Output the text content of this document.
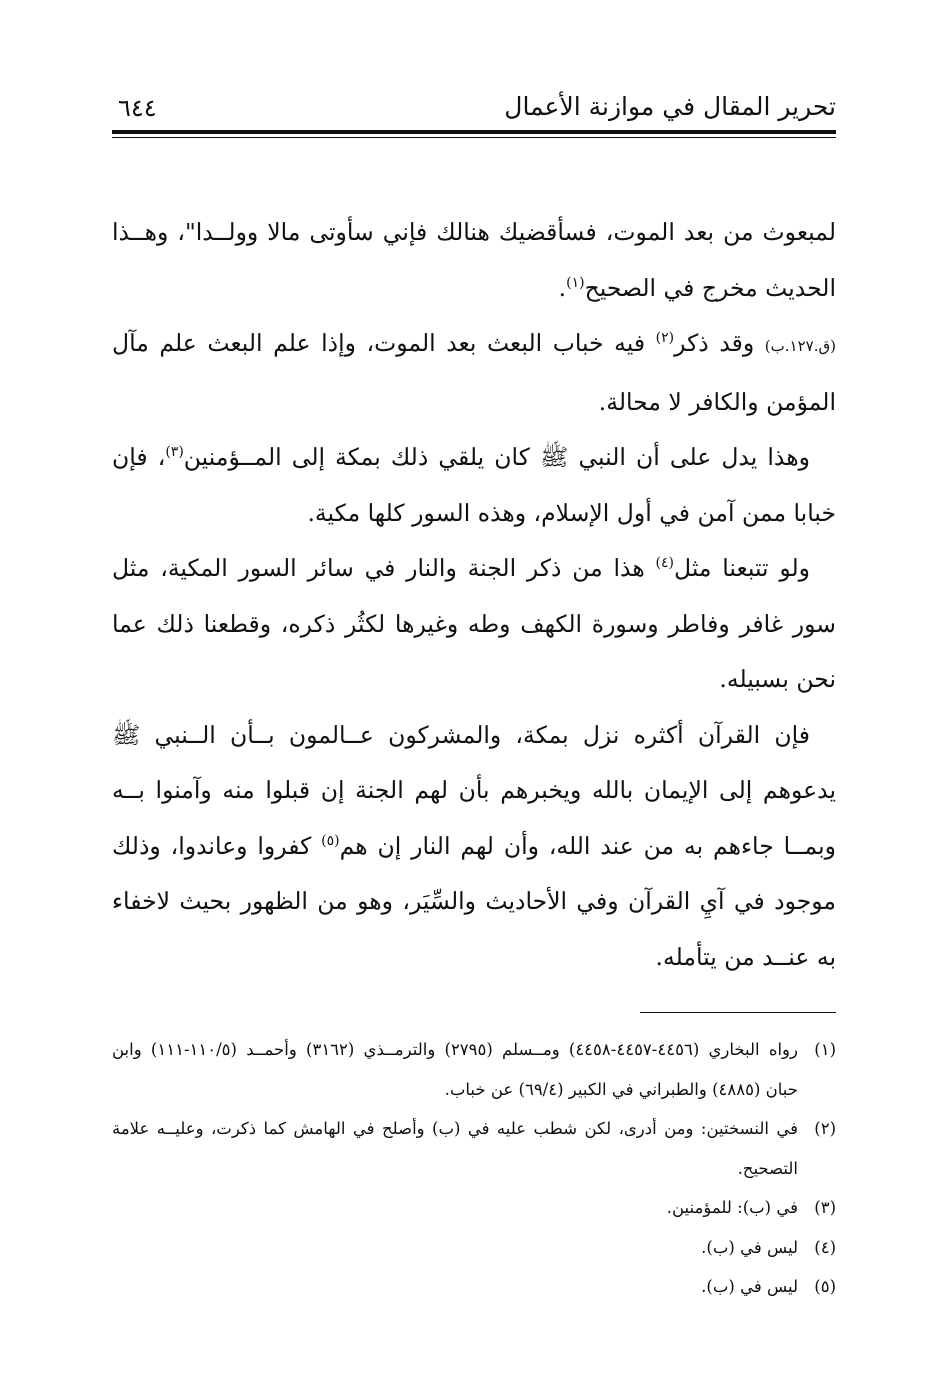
تحرير المقال في موازنة الأعمال
٦٤٤

لمبعوث من بعد الموت، فسأقضيك هنالك فإني سأوتى مالا وولــدا"، وهــذا الحديث مخرج في الصحيح$^{(١)}$.

(ق.١٢٧.ب) وقد ذكر$^{(٢)}$ فيه خباب البعث بعد الموت، وإذا علم البعث علم مآل المؤمن والكافر لا محالة.

وهذا يدل على أن النبي ﷺ كان يلقي ذلك بمكة إلى المــؤمنين$^{(٣)}$، فإن خبابا ممن آمن في أول الإسلام، وهذه السور كلها مكية.

ولو تتبعنا مثل$^{(٤)}$ هذا من ذكر الجنة والنار في سائر السور المكية، مثل سور غافر وفاطر وسورة الكهف وطه وغيرها لكثُر ذكره، وقطعنا ذلك عما نحن بسبيله.

فإن القرآن أكثره نزل بمكة، والمشركون عــالمون بــأن الــنبي ﷺ يدعوهم إلى الإيمان بالله ويخبرهم بأن لهم الجنة إن قبلوا منه وآمنوا بــه وبمــا جاءهم به من عند الله، وأن لهم النار إن هم$^{(٥)}$ كفروا وعاندوا، وذلك موجود في آيِ القرآن وفي الأحاديث والسِّيَر، وهو من الظهور بحيث لاخفاء به عنــد من يتأمله.

(١)
رواه البخاري (٤٤٥٦-٤٤٥٧-٤٤٥٨) ومــسلم (٢٧٩٥) والترمــذي (٣١٦٢) وأحمــد (١١٠/٥-١١١) وابن حبان (٤٨٨٥) والطبراني في الكبير (٦٩/٤) عن خباب.
(٢)
في النسختين: ومن أدرى، لكن شطب عليه في (ب) وأصلح في الهامش كما ذكرت، وعليــه علامة التصحيح.
(٣)
في (ب): للمؤمنين.
(٤)
ليس في (ب).
(٥)
ليس في (ب).
